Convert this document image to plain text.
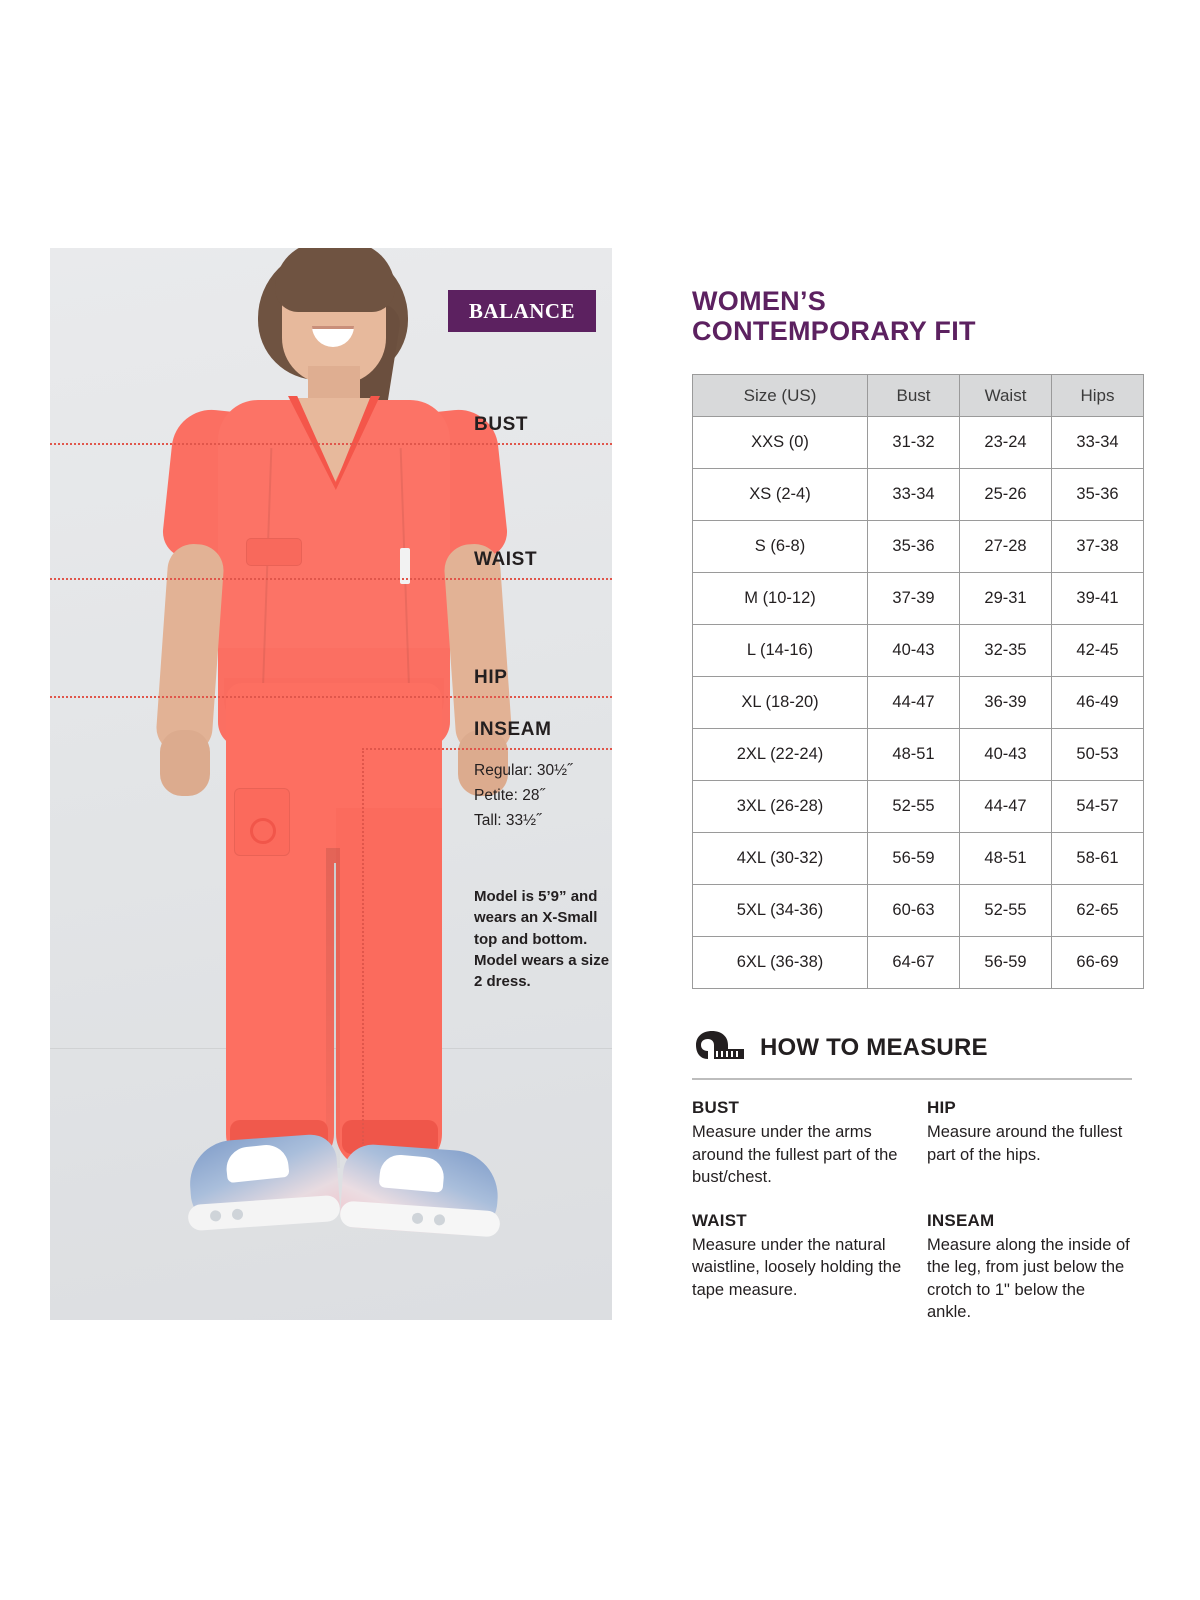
BALANCE
BUST
WAIST
HIP
INSEAM
Regular: 30½˝
Petite: 28˝
Tall: 33½˝
Model is 5’9” and wears an X-Small top and bottom. Model wears a size 2 dress.
WOMEN’S
CONTEMPORARY FIT
Size (US)	Bust	Waist	Hips
XXS (0)	31-32	23-24	33-34
XS (2-4)	33-34	25-26	35-36
S (6-8)	35-36	27-28	37-38
M (10-12)	37-39	29-31	39-41
L (14-16)	40-43	32-35	42-45
XL (18-20)	44-47	36-39	46-49
2XL (22-24)	48-51	40-43	50-53
3XL (26-28)	52-55	44-47	54-57
4XL (30-32)	56-59	48-51	58-61
5XL (34-36)	60-63	52-55	62-65
6XL (36-38)	64-67	56-59	66-69
HOW TO MEASURE
BUST
Measure under the arms around the fullest part of the bust/chest.
HIP
Measure around the fullest part of the hips.
WAIST
Measure under the natural waistline, loosely holding the tape measure.
INSEAM
Measure along the inside of the leg, from just below the crotch to 1" below the ankle.
